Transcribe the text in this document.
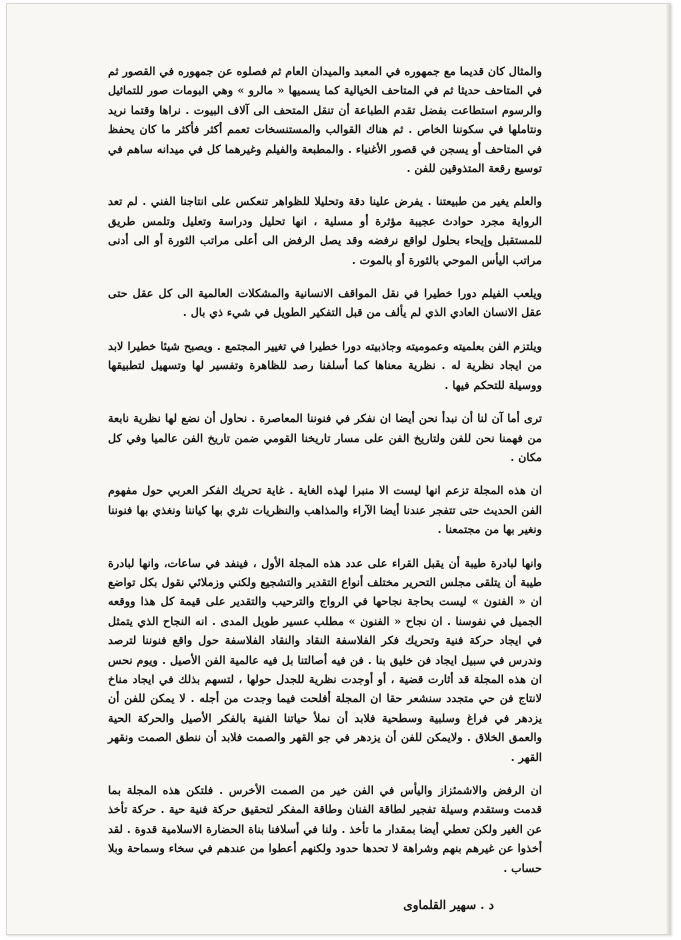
والمثال كان قديما مع جمهوره في المعبد والميدان العام ثم فصلوه عن جمهوره في القصور ثم في المتاحف حديثا ثم في المتاحف الخيالية كما يسميها « مالرو » وهي البومات صور للتماثيل والرسوم استطاعت بفضل تقدم الطباعة أن تنقل المتحف الى آلاف البيوت . نراها وقتما نريد ونتاملها في سكوننا الخاص . ثم هناك القوالب والمستنسخات تعمم أكثر فأكثر ما كان يحفظ في المتاحف أو يسجن في قصور الأغنياء . والمطبعة والفيلم وغيرهما كل في ميدانه ساهم في توسيع رقعة المتذوقين للفن .

والعلم يغير من طبيعتنا . يفرض علينا دقة وتحليلا للظواهر تنعكس على انتاجنا الفني . لم تعد الرواية مجرد حوادث عجيبة مؤثرة أو مسلية ، انها تحليل ودراسة وتعليل وتلمس طريق للمستقبل وإيحاء بحلول لواقع نرفضه وقد يصل الرفض الى أعلى مراتب الثورة أو الى أدنى مراتب اليأس الموحي بالثورة أو بالموت .

ويلعب الفيلم دورا خطيرا في نقل المواقف الانسانية والمشكلات العالمية الى كل عقل حتى عقل الانسان العادي الذي لم يألف من قبل التفكير الطويل في شيء ذي بال .

ويلتزم الفن بعلميته وعموميته وجاذبيته دورا خطيرا في تغيير المجتمع . ويصبح شيئا خطيرا لابد من ايجاد نظرية له . نظرية معناها كما أسلفنا رصد للظاهرة وتفسير لها وتسهيل لتطبيقها ووسيلة للتحكم فيها .

ترى أما آن لنا أن نبدأ نحن أيضا ان نفكر في فنوننا المعاصرة . نحاول أن نضع لها نظرية نابعة من فهمنا نحن للفن ولتاريخ الفن على مسار تاريخنا القومي ضمن تاريخ الفن عالميا وفي كل مكان .

ان هذه المجلة تزعم انها ليست الا منبرا لهذه الغاية . غاية تحريك الفكر العربي حول مفهوم الفن الحديث حتى تتفجر عندنا أيضا الآراء والمذاهب والنظريات نثري بها كياننا ونغذي بها فنوننا ونغير بها من مجتمعنا .

وانها لبادرة طيبة أن يقبل القراء على عدد هذه المجلة الأول ، فينفد في ساعات، وانها لبادرة طيبة أن يتلقى مجلس التحرير مختلف أنواع التقدير والتشجيع ولكني وزملائي نقول بكل تواضع ان « الفنون » ليست بحاجة نجاحها في الرواج والترحيب والتقدير على قيمة كل هذا ووقعه الجميل في نفوسنا . ان نجاح « الفنون » مطلب عسير طويل المدى . انه النجاح الذي يتمثل في ايجاد حركة فنية وتحريك فكر الفلاسفة النقاد والنقاد الفلاسفة حول واقع فنوننا لترصد وندرس في سبيل ايجاد فن خليق بنا . فن فيه أصالتنا بل فيه عالمية الفن الأصيل . ويوم نحس ان هذه المجلة قد أثارت قضية ، أو أوجدت نظرية للجدل حولها ، لتسهم بذلك في ايجاد مناخ لانتاج فن حي متجدد سنشعر حقا ان المجلة أفلحت فيما وجدت من أجله . لا يمكن للفن أن يزدهر في فراغ وسلبية وسطحية فلابد أن نملأ حياتنا الفنية بالفكر الأصيل والحركة الحية والعمق الخلاق . ولايمكن للفن أن يزدهر في جو القهر والصمت فلابد أن ننطق الصمت ونقهر القهر .

ان الرفض والاشمئزاز واليأس في الفن خير من الصمت الأخرس . فلتكن هذه المجلة بما قدمت وستقدم وسيلة تفجير لطاقة الفنان وطاقة المفكر لتحقيق حركة فنية حية . حركة تأخذ عن الغير ولكن تعطي أيضا بمقدار ما تأخذ . ولنا في أسلافنا بناة الحضارة الاسلامية قدوة . لقد أخذوا عن غيرهم بنهم وشراهة لا تحدها حدود ولكنهم أعطوا من عندهم في سخاء وسماحة وبلا حساب .

د . سهير القلماوى
